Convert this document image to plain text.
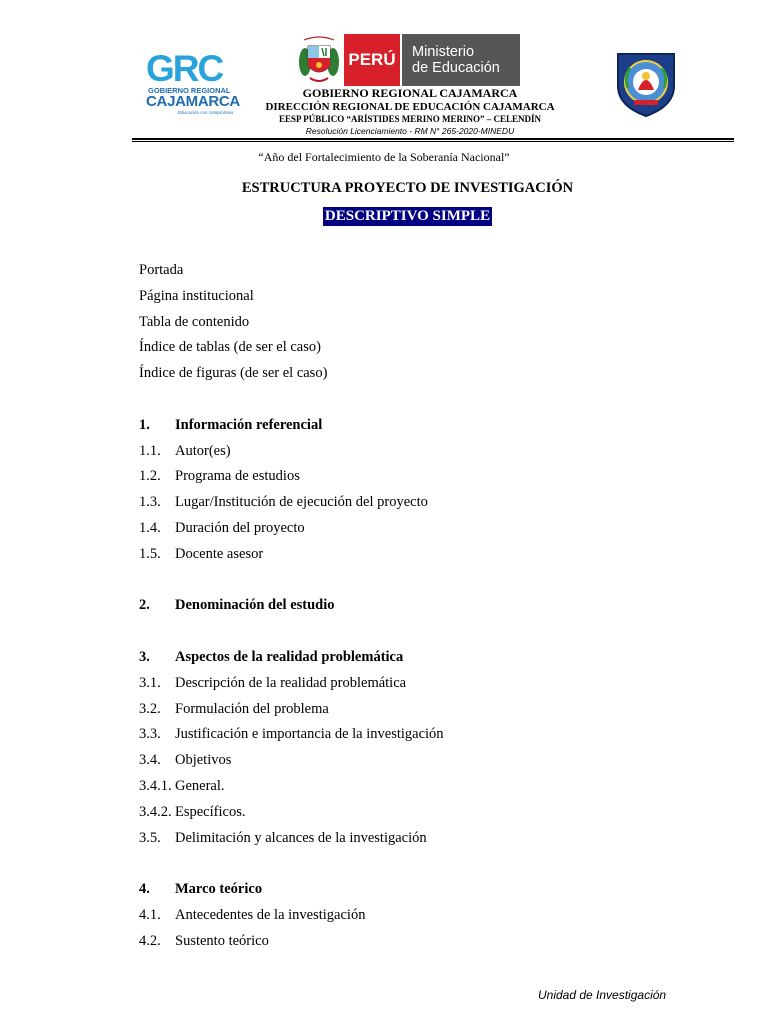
GRC
GOBIERNO REGIONAL
CAJAMARCA
Educación con compromiso
PERÚ	Ministerio
de Educación
GOBIERNO REGIONAL CAJAMARCA
DIRECCIÓN REGIONAL DE EDUCACIÓN CAJAMARCA
EESP PÚBLICO “ARÍSTIDES MERINO MERINO” – CELENDÍN
Resolución Licenciamiento - RM N° 265-2020-MINEDU
“Año del Fortalecimiento de la Soberanía Nacional”
ESTRUCTURA PROYECTO DE INVESTIGACIÓN
DESCRIPTIVO SIMPLE
Portada
Página institucional
Tabla de contenido
Índice de tablas (de ser el caso)
Índice de figuras (de ser el caso)
1. Información referencial
1.1. Autor(es)
1.2. Programa de estudios
1.3. Lugar/Institución de ejecución del proyecto
1.4. Duración del proyecto
1.5. Docente asesor
2. Denominación del estudio
3. Aspectos de la realidad problemática
3.1. Descripción de la realidad problemática
3.2. Formulación del problema
3.3. Justificación e importancia de la investigación
3.4. Objetivos
3.4.1. General.
3.4.2. Específicos.
3.5. Delimitación y alcances de la investigación
4. Marco teórico
4.1. Antecedentes de la investigación
4.2. Sustento teórico
Unidad de Investigación
